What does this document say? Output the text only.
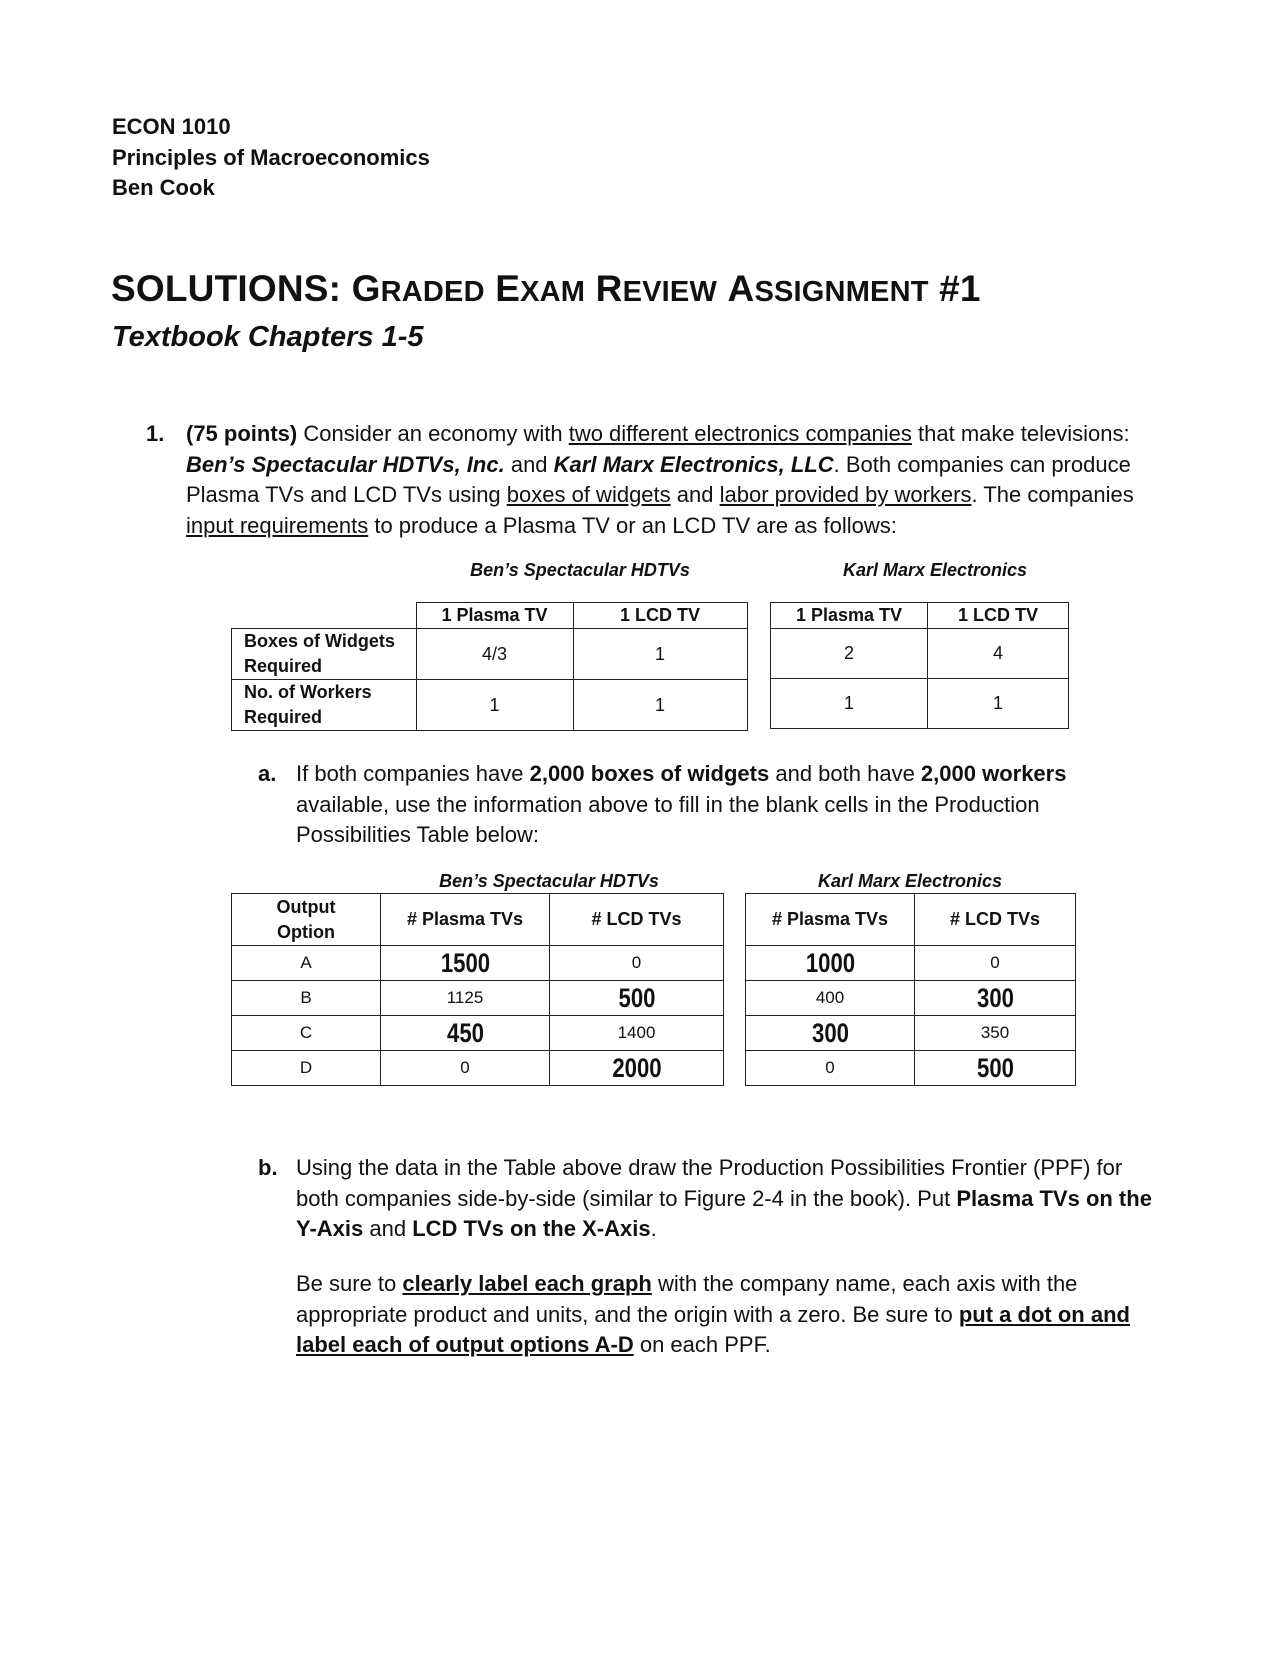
ECON 1010
Principles of Macroeconomics
Ben Cook
SOLUTIONS: GRADED EXAM REVIEW ASSIGNMENT #1
Textbook Chapters 1-5
1. (75 points) Consider an economy with two different electronics companies that make televisions: Ben’s Spectacular HDTVs, Inc. and Karl Marx Electronics, LLC. Both companies can produce Plasma TVs and LCD TVs using boxes of widgets and labor provided by workers. The companies input requirements to produce a Plasma TV or an LCD TV are as follows:
Ben’s Spectacular HDTVs	Karl Marx Electronics
	1 Plasma TV	1 LCD TV
Boxes of Widgets
Required	4/3	1
No. of Workers
Required	1	1
1 Plasma TV	1 LCD TV
2	4
1	1
a. If both companies have 2,000 boxes of widgets and both have 2,000 workers available, use the information above to fill in the blank cells in the Production Possibilities Table below:
Ben’s Spectacular HDTVs	Karl Marx Electronics
Output
Option	# Plasma TVs	# LCD TVs
A	1500	0
B	1125	500
C	450	1400
D	0	2000
# Plasma TVs	# LCD TVs
1000	0
400	300
300	350
0	500
b. Using the data in the Table above draw the Production Possibilities Frontier (PPF) for both companies side-by-side (similar to Figure 2-4 in the book). Put Plasma TVs on the Y-Axis and LCD TVs on the X-Axis.
Be sure to clearly label each graph with the company name, each axis with the appropriate product and units, and the origin with a zero. Be sure to put a dot on and label each of output options A-D on each PPF.
